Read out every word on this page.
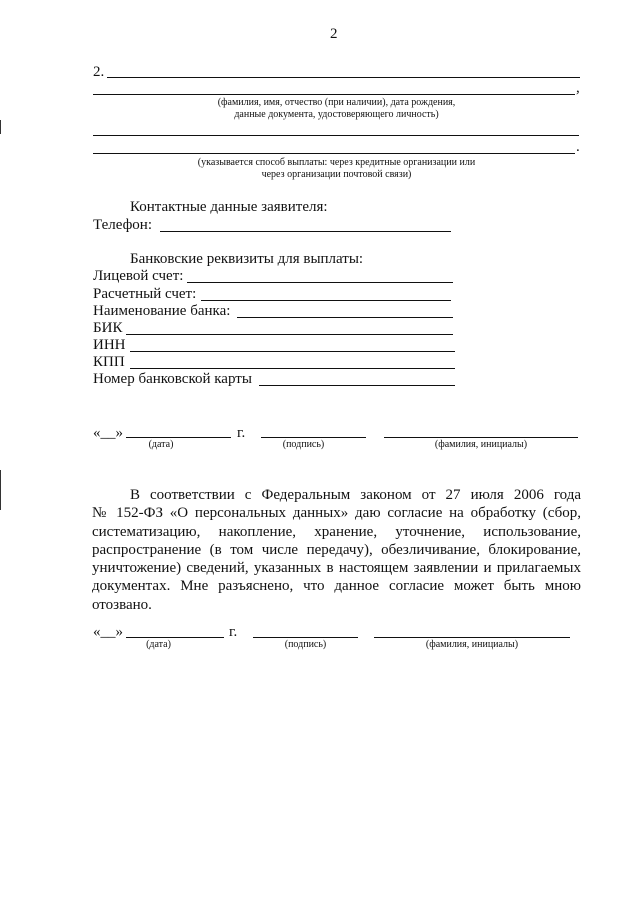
2
2.
,
(фамилия, имя, отчество (при наличии), дата рождения,
данные документа, удостоверяющего личность)
.
(указывается способ выплаты: через кредитные организации или
через организации почтовой связи)
Контактные данные заявителя:
Телефон:
Банковские реквизиты для выплаты:
Лицевой счет:
Расчетный счет:
Наименование банка:
БИК
ИНН
КПП
Номер банковской карты
«__»	г.
(дата)	(подпись)	(фамилия, инициалы)
В соответствии с Федеральным законом от 27 июля 2006 года
№ 152-ФЗ «О персональных данных» даю согласие на обработку (сбор,
систематизацию, накопление, хранение, уточнение, использование,
распространение (в том числе передачу), обезличивание, блокирование,
уничтожение) сведений, указанных в настоящем заявлении и прилагаемых
документах. Мне разъяснено, что данное согласие может быть мною
отозвано.
«__»	г.
(дата)	(подпись)	(фамилия, инициалы)
